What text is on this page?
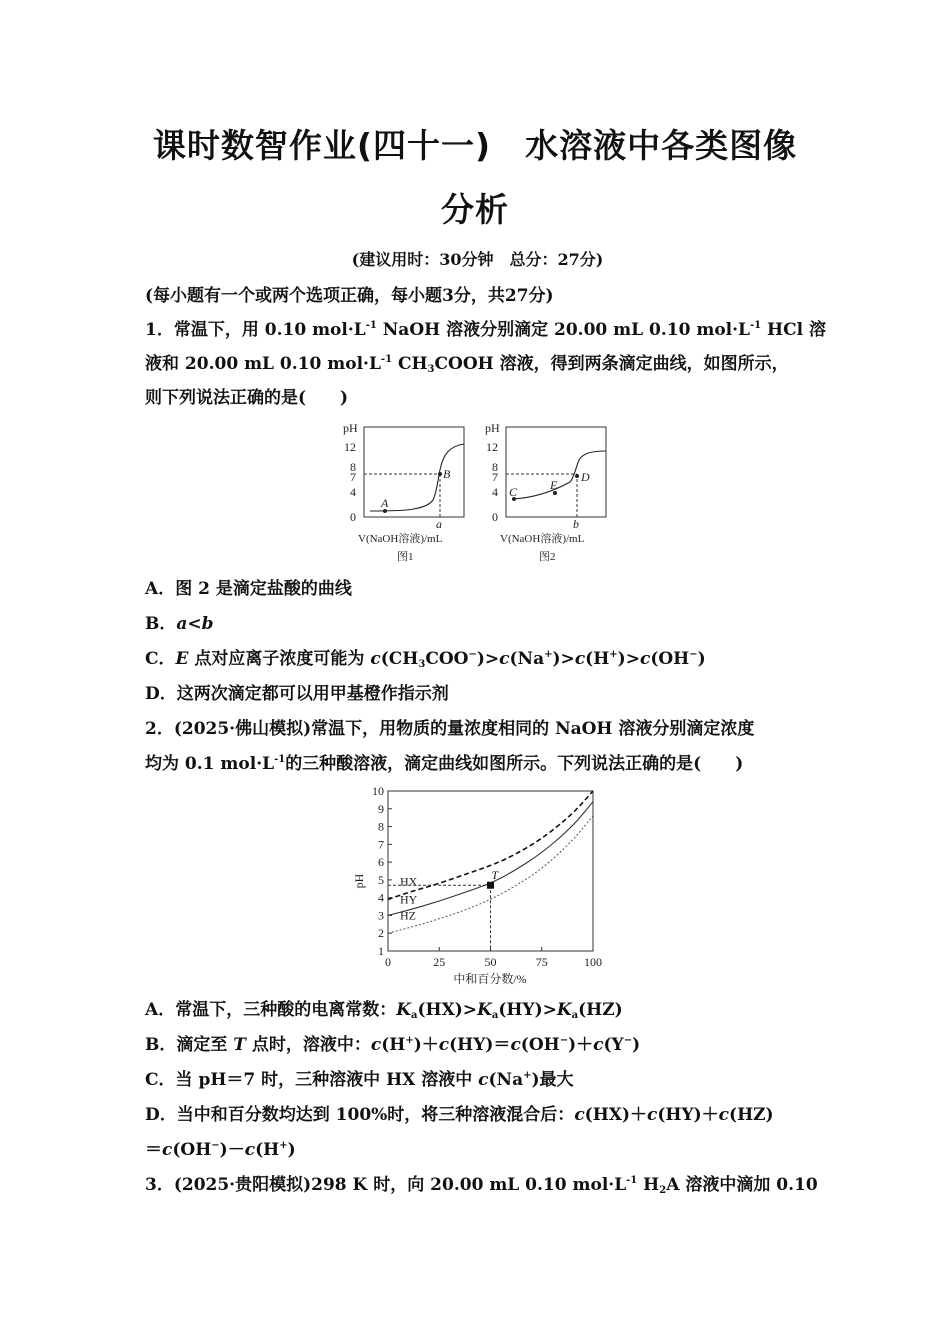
课时数智作业(四十一)　水溶液中各类图像
分析
(建议用时：30分钟　总分：27分)
(每小题有一个或两个选项正确，每小题3分，共27分)
1．常温下，用 0.10 $mol\cdot L^{-1}$ NaOH 溶液分别滴定 20.00 mL 0.10 $mol\cdot L^{-1}$ HCl 溶
液和 20.00 mL 0.10 $mol\cdot L^{-1}$ $CH_3COOH$ 溶液，得到两条滴定曲线，如图所示，
则下列说法正确的是(　　)
pH
12
8
7
4
0
A
B
a
V(NaOH溶液)/mL
图1
pH
12
8
7
4
0
C	E
D
b
V(NaOH溶液)/mL
图2
A．图 2 是滴定盐酸的曲线
B．a<b
C．E 点对应离子浓度可能为 $c(CH_3COO^-)>c(Na^+)>c(H^+)>c(OH^-)$
D．这两次滴定都可以用甲基橙作指示剂
2．(2025·佛山模拟)常温下，用物质的量浓度相同的 NaOH 溶液分别滴定浓度
均为 0.1 $mol\cdot L^{-1}$的三种酸溶液，滴定曲线如图所示。下列说法正确的是(　　)
1
2
3
4
5
6
7
8
9
10
0	25	50	75	100
pH
中和百分数/%
HX
HY
HZ
T
A．常温下，三种酸的电离常数：$K_a(HX)>K_a(HY)>K_a(HZ)$
B．滴定至 T 点时，溶液中：c(H+)＋c(HY)＝c(OH−)＋c(Y−)
C．当 pH＝7 时，三种溶液中 HX 溶液中 c(Na+)最大
D．当中和百分数均达到 100%时，将三种溶液混合后：c(HX)＋c(HY)＋c(HZ)
＝c(OH−)－c(H+)
3．(2025·贵阳模拟)298 K 时，向 20.00 mL 0.10 $mol\cdot L^{-1}$ $H_2A$ 溶液中滴加 0.10
